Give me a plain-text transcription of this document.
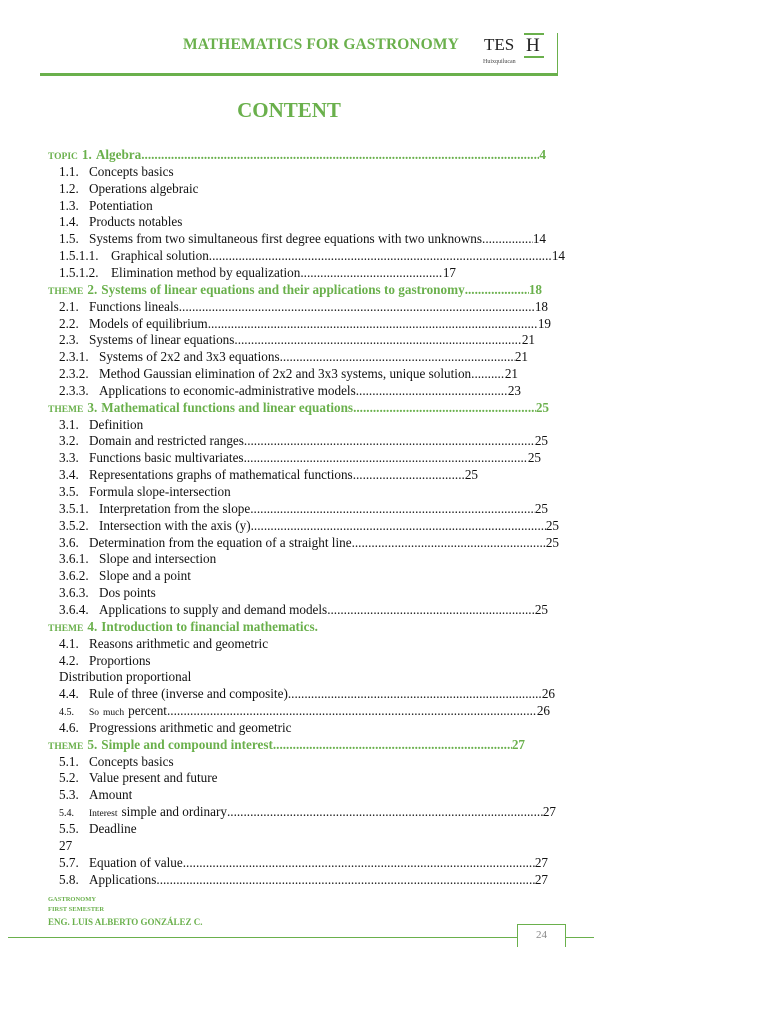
MATHEMATICS FOR GASTRONOMY TES H
Huixquilucan
CONTENT
TOPIC 1. Algebra .....	4
1.1. Concepts basics
1.2. Operations algebraic
1.3. Potentiation
1.4. Products notables
1.5. Systems from two simultaneous first degree equations with two unknowns .....	14
1.5.1.1. Graphical solution .....	14
1.5.1.2. Elimination method by equalization .....	17
THEME 2. Systems of linear equations and their applications to gastronomy .....	18
2.1. Functions lineals .....	18
2.2. Models of equilibrium .....	19
2.3. Systems of linear equations .....	21
2.3.1. Systems of 2x2 and 3x3 equations .....	21
2.3.2. Method Gaussian elimination of 2x2 and 3x3 systems, unique solution .....	21
2.3.3. Applications to economic-administrative models .....	23
THEME 3. Mathematical functions and linear equations .....	25
3.1. Definition
3.2. Domain and restricted ranges .....	25
3.3. Functions basic multivariates .....	25
3.4. Representations graphs of mathematical functions .....	25
3.5. Formula slope-intersection
3.5.1. Interpretation from the slope .....	25
3.5.2. Intersection with the axis (y) .....	25
3.6. Determination from the equation of a straight line .....	25
3.6.1. Slope and intersection
3.6.2. Slope and a point
3.6.3. Dos points
3.6.4. Applications to supply and demand models .....	25
THEME 4. Introduction to financial mathematics.
4.1. Reasons arithmetic and geometric
4.2. Proportions
Distribution proportional
4.4. Rule of three (inverse and composite) .....	26
4.5.	So much percent .....	26
4.6. Progressions arithmetic and geometric
THEME 5. Simple and compound interest .....	27
5.1. Concepts basics
5.2. Value present and future
5.3. Amount
5.4.	Interest simple and ordinary .....	27
5.5. Deadline
27
5.7. Equation of value .....	27
5.8. Applications .....	27
GASTRONOMY
FIRST SEMESTER
ENG. LUIS ALBERTO GONZÁLEZ C.
24
